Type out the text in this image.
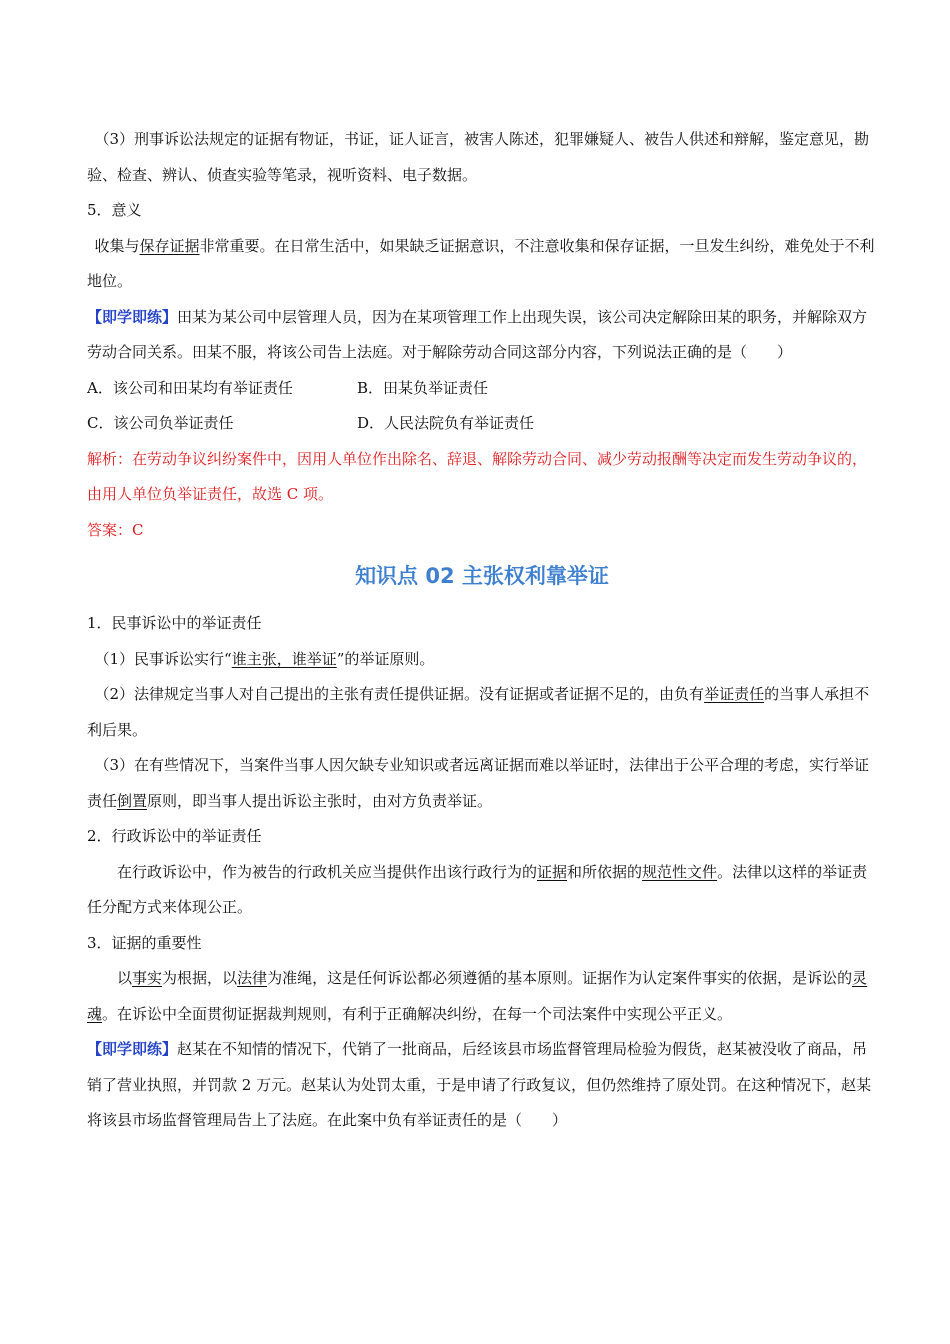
（3）刑事诉讼法规定的证据有物证，书证，证人证言，被害人陈述，犯罪嫌疑人、被告人供述和辩解，鉴定意见，勘验、检查、辨认、侦查实验等笔录，视听资料、电子数据。

5．意义

收集与保存证据非常重要。在日常生活中，如果缺乏证据意识，不注意收集和保存证据，一旦发生纠纷，难免处于不利地位。

【即学即练】田某为某公司中层管理人员，因为在某项管理工作上出现失误，该公司决定解除田某的职务，并解除双方劳动合同关系。田某不服，将该公司告上法庭。对于解除劳动合同这部分内容，下列说法正确的是（　　）

A．该公司和田某均有举证责任	B．田某负举证责任
C．该公司负举证责任	D．人民法院负有举证责任

解析：在劳动争议纠纷案件中，因用人单位作出除名、辞退、解除劳动合同、减少劳动报酬等决定而发生劳动争议的，由用人单位负举证责任，故选 C 项。

答案：C

知识点 02 主张权利靠举证

1．民事诉讼中的举证责任

（1）民事诉讼实行“谁主张，谁举证”的举证原则。

（2）法律规定当事人对自己提出的主张有责任提供证据。没有证据或者证据不足的，由负有举证责任的当事人承担不利后果。

（3）在有些情况下，当案件当事人因欠缺专业知识或者远离证据而难以举证时，法律出于公平合理的考虑，实行举证责任倒置原则，即当事人提出诉讼主张时，由对方负责举证。

2．行政诉讼中的举证责任

在行政诉讼中，作为被告的行政机关应当提供作出该行政行为的证据和所依据的规范性文件。法律以这样的举证责任分配方式来体现公正。

3．证据的重要性

以事实为根据，以法律为准绳，这是任何诉讼都必须遵循的基本原则。证据作为认定案件事实的依据，是诉讼的灵魂。在诉讼中全面贯彻证据裁判规则，有利于正确解决纠纷，在每一个司法案件中实现公平正义。

【即学即练】赵某在不知情的情况下，代销了一批商品，后经该县市场监督管理局检验为假货，赵某被没收了商品，吊销了营业执照，并罚款 2 万元。赵某认为处罚太重，于是申请了行政复议，但仍然维持了原处罚。在这种情况下，赵某将该县市场监督管理局告上了法庭。在此案中负有举证责任的是（　　）
